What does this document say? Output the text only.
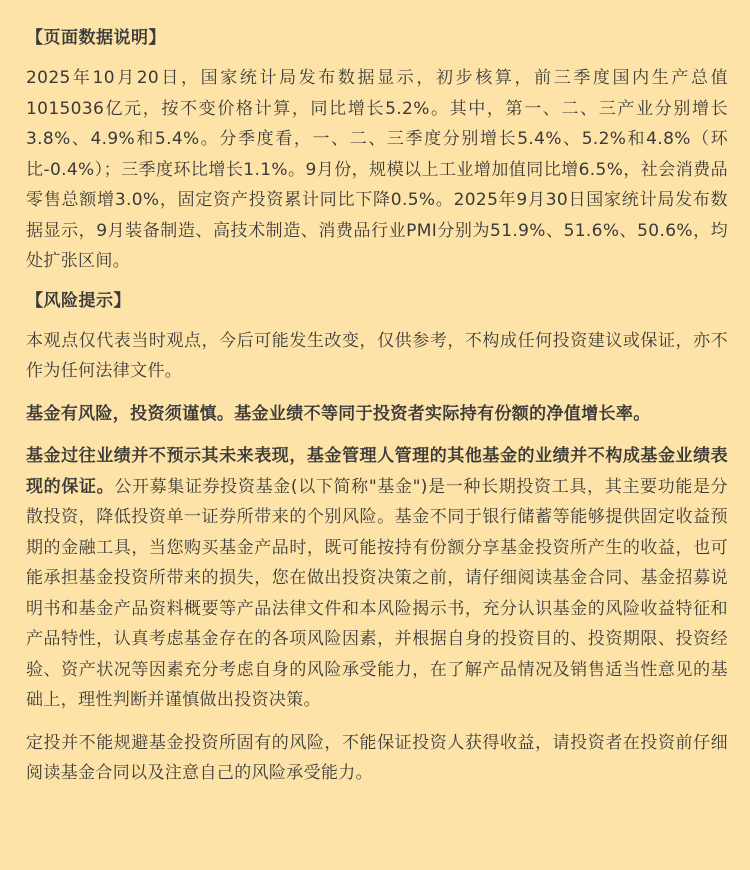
【页面数据说明】

2025年10月20日，国家统计局发布数据显示，初步核算，前三季度国内生产总值1015036亿元，按不变价格计算，同比增长5.2%。其中，第一、二、三产业分别增长3.8%、4.9%和5.4%。分季度看，一、二、三季度分别增长5.4%、5.2%和4.8%（环比-0.4%）；三季度环比增长1.1%。9月份，规模以上工业增加值同比增6.5%，社会消费品零售总额增3.0%，固定资产投资累计同比下降0.5%。2025年9月30日国家统计局发布数据显示，9月装备制造、高技术制造、消费品行业PMI分别为51.9%、51.6%、50.6%，均处扩张区间。

【风险提示】

本观点仅代表当时观点，今后可能发生改变，仅供参考，不构成任何投资建议或保证，亦不作为任何法律文件。

基金有风险，投资须谨慎。基金业绩不等同于投资者实际持有份额的净值增长率。

基金过往业绩并不预示其未来表现，基金管理人管理的其他基金的业绩并不构成基金业绩表现的保证。公开募集证券投资基金(以下简称"基金")是一种长期投资工具，其主要功能是分散投资，降低投资单一证券所带来的个别风险。基金不同于银行储蓄等能够提供固定收益预期的金融工具，当您购买基金产品时，既可能按持有份额分享基金投资所产生的收益，也可能承担基金投资所带来的损失，您在做出投资决策之前，请仔细阅读基金合同、基金招募说明书和基金产品资料概要等产品法律文件和本风险揭示书，充分认识基金的风险收益特征和产品特性，认真考虑基金存在的各项风险因素，并根据自身的投资目的、投资期限、投资经验、资产状况等因素充分考虑自身的风险承受能力，在了解产品情况及销售适当性意见的基础上，理性判断并谨慎做出投资决策。

定投并不能规避基金投资所固有的风险，不能保证投资人获得收益，请投资者在投资前仔细阅读基金合同以及注意自己的风险承受能力。
